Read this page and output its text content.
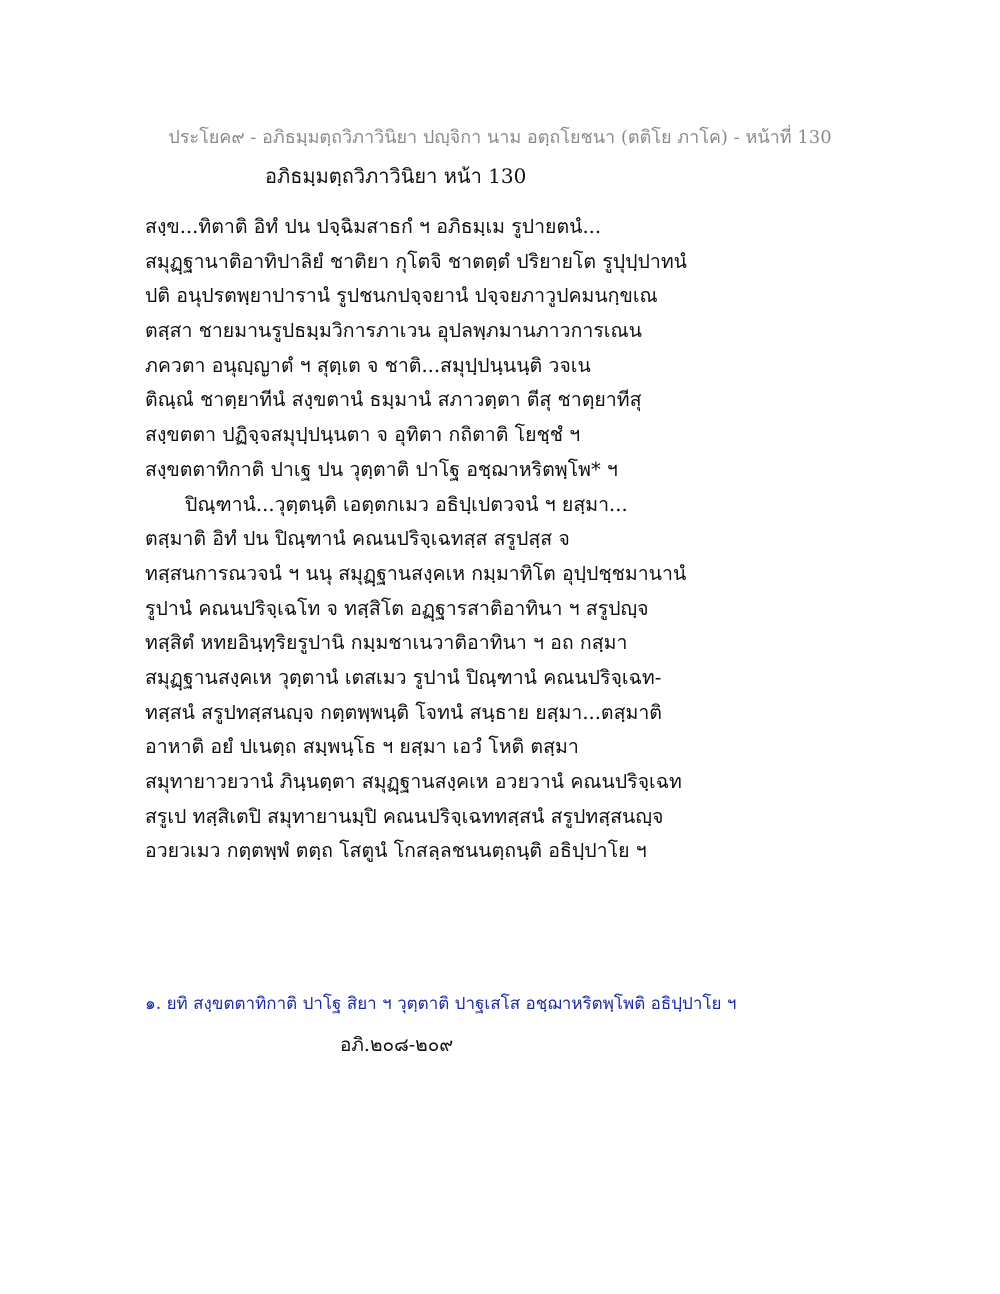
ประโยค๙ - อภิธมฺมตฺถวิภาวินิยา ปญฺจิกา นาม อตฺถโยชนา (ตติโย ภาโค) - หน้าที่ 130
อภิธมฺมตฺถวิภาวินิยา หน้า 130
สงฺข...ทิตาติ อิทํ ปน ปจฺฉิมสาธกํ ฯ อภิธมฺเม รูปายตนํ...
สมุฏฺฐานาติอาทิปาลิยํ ชาติยา กุโตจิ ชาตตฺตํ ปริยายโต รูปุปฺปาทนํ
ปติ อนุปรตพฺยาปารานํ รูปชนกปจฺจยานํ ปจฺจยภาวูปคมนกฺขเณ
ตสฺสา ชายมานรูปธมฺมวิการภาเวน อุปลพฺภมานภาวการเณน
ภควตา อนุญฺญาตํ ฯ สุตฺเต จ ชาติ...สมุปฺปนฺนนฺติ วจเน
ติณฺณํ ชาตฺยาทีนํ สงฺขตานํ ธมฺมานํ สภาวตฺตา ตีสุ ชาตฺยาทีสุ
สงฺขตตา ปฏิจฺจสมุปฺปนฺนตา จ อุทิตา กถิตาติ โยชฺชํ ฯ
สงฺขตตาทิกาติ ปาเฐ ปน วุตฺตาติ ปาโฐ อชฺฌาหริตพฺโพ* ฯ
ปิณฺฑานํ...วุตฺตนฺติ เอตฺตกเมว อธิปฺเปตวจนํ ฯ ยสฺมา...
ตสฺมาติ อิทํ ปน ปิณฺฑานํ คณนปริจฺเฉทสฺส สรูปสฺส จ
ทสฺสนการณวจนํ ฯ นนุ สมุฏฺฐานสงฺคเห กมฺมาทิโต อุปฺปชฺชมานานํ
รูปานํ คณนปริจฺเฉโท จ ทสฺสิโต อฏฺฐารสาติอาทินา ฯ สรูปญฺจ
ทสฺสิตํ หทยอินฺทฺริยรูปานิ กมฺมชาเนวาติอาทินา ฯ อถ กสฺมา
สมุฏฺฐานสงฺคเห วุตฺตานํ เตสเมว รูปานํ ปิณฺฑานํ คณนปริจฺเฉท-
ทสฺสนํ สรูปทสฺสนญฺจ กตฺตพฺพนฺติ โจทนํ สนฺธาย ยสฺมา...ตสฺมาติ
อาหาติ อยํ ปเนตฺถ สมฺพนฺโธ ฯ ยสฺมา เอวํ โหติ ตสฺมา
สมุทายาวยวานํ ภินฺนตฺตา สมุฏฺฐานสงฺคเห อวยวานํ คณนปริจฺเฉท
สรูเป ทสฺสิเตปิ สมุทายานมฺปิ คณนปริจฺเฉททสฺสนํ สรูปทสฺสนญฺจ
อวยวเมว กตฺตพฺพํ ตตฺถ โสตูนํ โกสลฺลชนนตฺถนฺติ อธิปฺปาโย ฯ
๑. ยทิ สงฺขตตาทิกาติ ปาโฐ สิยา ฯ วุตฺตาติ ปาฐเสโส อชฺฌาหริตพฺโพติ อธิปฺปาโย ฯ
อภิ.๒๐๘-๒๐๙
